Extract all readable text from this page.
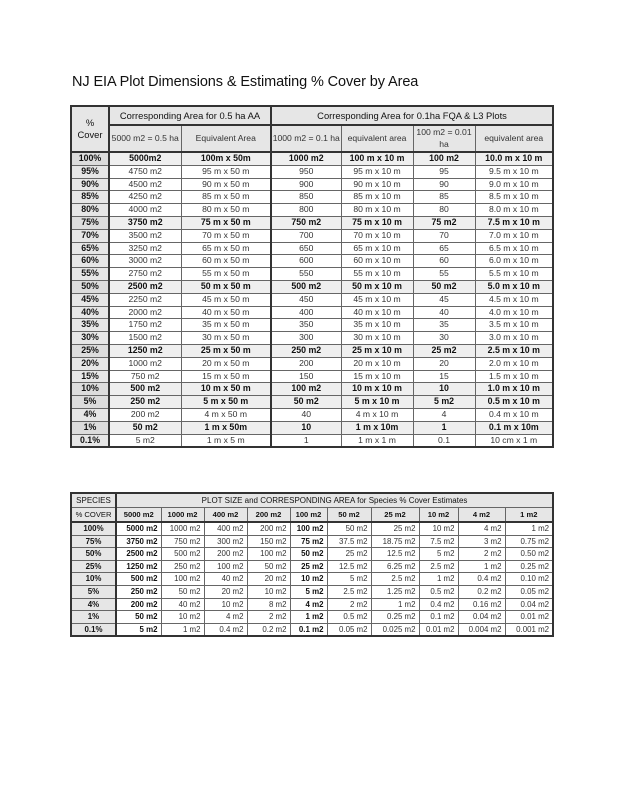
NJ EIA Plot Dimensions & Estimating % Cover by Area
%
Cover	Corresponding Area for 0.5 ha AA		Corresponding Area for 0.1ha FQA & L3 Plots			
	5000 m2 = 0.5 ha	Equivalent Area	1000 m2 = 0.1 ha	equivalent area	100 m2 = 0.01 ha	equivalent area
100%	5000m2	100m x 50m	1000 m2	100 m x 10 m	100 m2	10.0 m x 10 m
95%	4750 m2	95 m x 50 m	950	95 m x 10 m	95	9.5 m x 10 m
90%	4500 m2	90 m x 50 m	900	90 m x 10 m	90	9.0 m x 10 m
85%	4250 m2	85 m x 50 m	850	85 m x 10 m	85	8.5 m x 10 m
80%	4000 m2	80 m x 50 m	800	80 m x 10 m	80	8.0 m x 10 m
75%	3750 m2	75 m x 50 m	750 m2	75 m x 10 m	75 m2	7.5 m x 10 m
70%	3500 m2	70 m x 50 m	700	70 m x 10 m	70	7.0 m x 10 m
65%	3250 m2	65 m x 50 m	650	65 m x 10 m	65	6.5 m x 10 m
60%	3000 m2	60 m x 50 m	600	60 m x 10 m	60	6.0 m x 10 m
55%	2750 m2	55 m x 50 m	550	55 m x 10 m	55	5.5 m x 10 m
50%	2500 m2	50 m x 50 m	500 m2	50 m x 10 m	50 m2	5.0 m x 10 m
45%	2250 m2	45 m x 50 m	450	45 m x 10 m	45	4.5 m x 10 m
40%	2000 m2	40 m x 50 m	400	40 m x 10 m	40	4.0 m x 10 m
35%	1750 m2	35 m x 50 m	350	35 m x 10 m	35	3.5 m x 10 m
30%	1500 m2	30 m x 50 m	300	30 m x 10 m	30	3.0 m x 10 m
25%	1250 m2	25 m x 50 m	250 m2	25 m x 10 m	25 m2	2.5 m x 10 m
20%	1000 m2	20 m x 50 m	200	20 m x 10 m	20	2.0 m x 10 m
15%	750 m2	15 m x 50 m	150	15 m x 10 m	15	1.5 m x 10 m
10%	500 m2	10 m x 50 m	100 m2	10 m x 10 m	10	1.0 m x 10 m
5%	250 m2	5 m x 50 m	50 m2	5 m x 10 m	5 m2	0.5 m x 10 m
4%	200 m2	4 m x 50 m	40	4 m x 10 m	4	0.4 m x 10 m
1%	50 m2	1 m x 50m	10	1 m x 10m	1	0.1 m x 10m
0.1%	5 m2	1 m x 5 m	1	1 m x 1 m	0.1	10 cm x 1 m
SPECIES	PLOT SIZE and CORRESPONDING AREA for Species % Cover Estimates									
% COVER	5000 m2	1000 m2	400 m2	200 m2	100 m2	50 m2	25 m2	10 m2	4 m2	1 m2
100%	5000 m2	1000 m2	400 m2	200 m2	100 m2	50 m2	25 m2	10 m2	4 m2	1 m2
75%	3750 m2	750 m2	300 m2	150 m2	75 m2	37.5 m2	18.75 m2	7.5 m2	3 m2	0.75 m2
50%	2500 m2	500 m2	200 m2	100 m2	50 m2	25 m2	12.5 m2	5 m2	2 m2	0.50 m2
25%	1250 m2	250 m2	100 m2	50 m2	25 m2	12.5 m2	6.25 m2	2.5 m2	1 m2	0.25 m2
10%	500 m2	100 m2	40 m2	20 m2	10 m2	5 m2	2.5 m2	1 m2	0.4 m2	0.10 m2
5%	250 m2	50 m2	20 m2	10 m2	5 m2	2.5 m2	1.25 m2	0.5 m2	0.2 m2	0.05 m2
4%	200 m2	40 m2	10 m2	8 m2	4 m2	2 m2	1 m2	0.4 m2	0.16 m2	0.04 m2
1%	50 m2	10 m2	4 m2	2 m2	1 m2	0.5 m2	0.25 m2	0.1 m2	0.04 m2	0.01 m2
0.1%	5 m2	1 m2	0.4 m2	0.2 m2	0.1 m2	0.05 m2	0.025 m2	0.01 m2	0.004 m2	0.001 m2
